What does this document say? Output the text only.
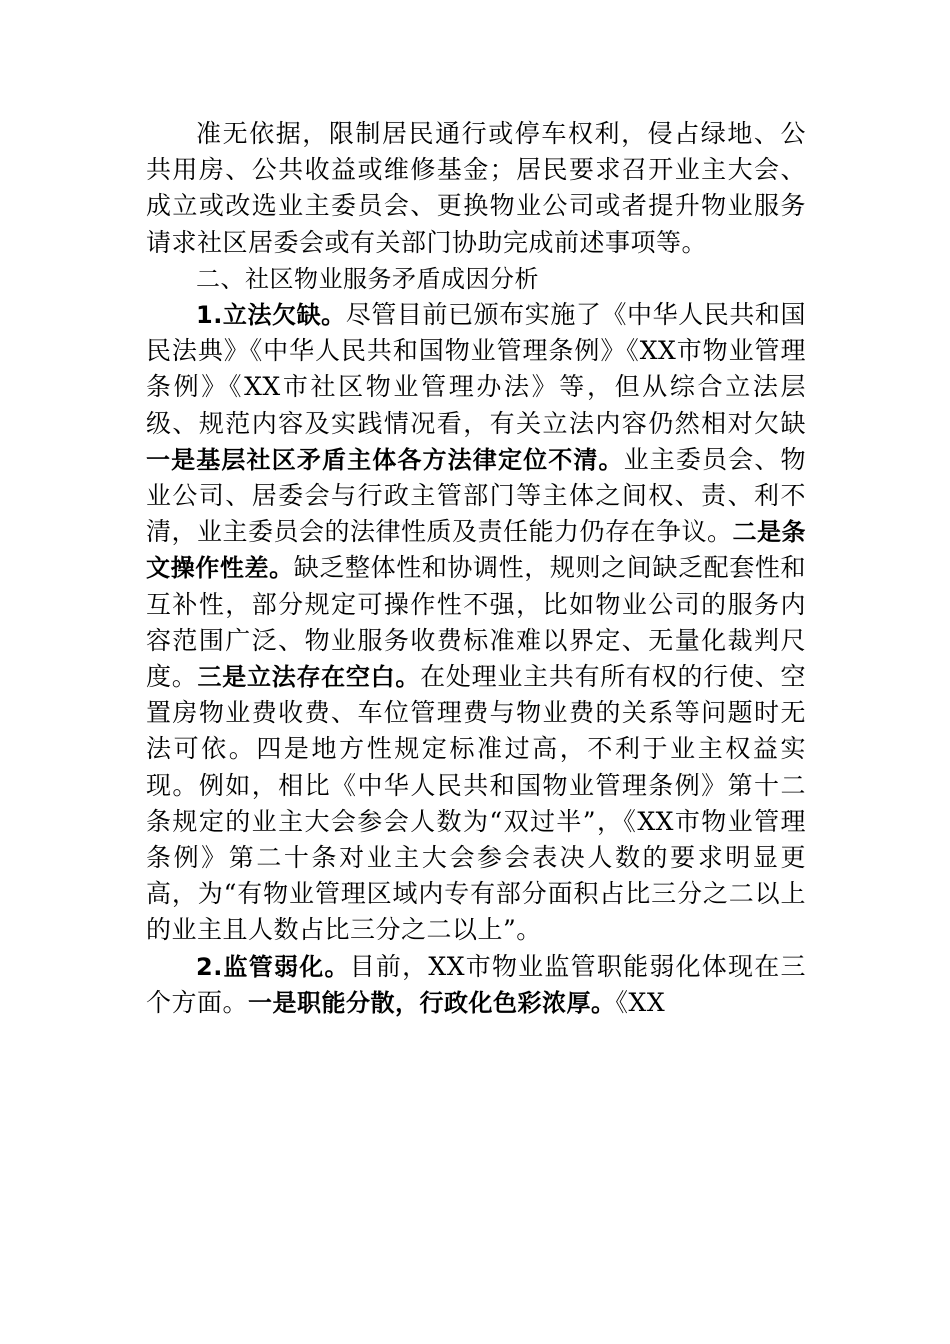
准无依据，限制居民通行或停车权利，侵占绿地、公共用房、公共收益或维修基金；居民要求召开业主大会、成立或改选业主委员会、更换物业公司或者提升物业服务请求社区居委会或有关部门协助完成前述事项等。

二、社区物业服务矛盾成因分析

1.立法欠缺。尽管目前已颁布实施了《中华人民共和国民法典》《中华人民共和国物业管理条例》《XX市物业管理条例》《XX市社区物业管理办法》等，但从综合立法层级、规范内容及实践情况看，有关立法内容仍然相对欠缺一是基层社区矛盾主体各方法律定位不清。业主委员会、物业公司、居委会与行政主管部门等主体之间权、责、利不清，业主委员会的法律性质及责任能力仍存在争议。二是条文操作性差。缺乏整体性和协调性，规则之间缺乏配套性和互补性，部分规定可操作性不强，比如物业公司的服务内容范围广泛、物业服务收费标准难以界定、无量化裁判尺度。三是立法存在空白。在处理业主共有所有权的行使、空置房物业费收费、车位管理费与物业费的关系等问题时无法可依。四是地方性规定标准过高，不利于业主权益实现。例如，相比《中华人民共和国物业管理条例》第十二条规定的业主大会参会人数为“双过半”，《XX市物业管理条例》第二十条对业主大会参会表决人数的要求明显更高，为“有物业管理区域内专有部分面积占比三分之二以上的业主且人数占比三分之二以上”。

2.监管弱化。目前，XX市物业监管职能弱化体现在三个方面。一是职能分散，行政化色彩浓厚。《XX
